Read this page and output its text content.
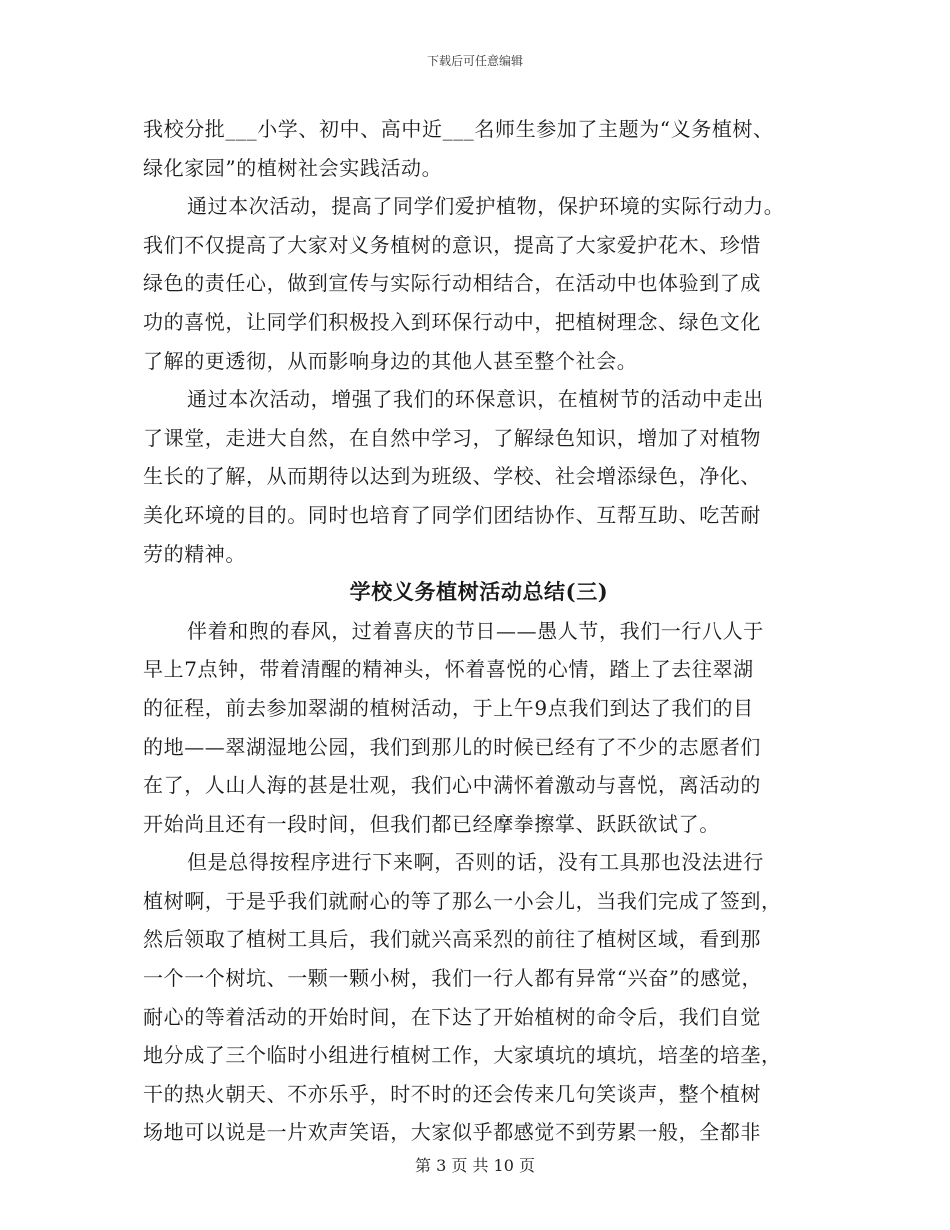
下载后可任意编辑
我校分批___小学、初中、高中近___名师生参加了主题为“义务植树、
绿化家园”的植树社会实践活动。
通过本次活动，提高了同学们爱护植物，保护环境的实际行动力。
我们不仅提高了大家对义务植树的意识，提高了大家爱护花木、珍惜
绿色的责任心，做到宣传与实际行动相结合，在活动中也体验到了成
功的喜悦，让同学们积极投入到环保行动中，把植树理念、绿色文化
了解的更透彻，从而影响身边的其他人甚至整个社会。
通过本次活动，增强了我们的环保意识，在植树节的活动中走出
了课堂，走进大自然，在自然中学习，了解绿色知识，增加了对植物
生长的了解，从而期待以达到为班级、学校、社会增添绿色，净化、
美化环境的目的。同时也培育了同学们团结协作、互帮互助、吃苦耐
劳的精神。
学校义务植树活动总结(三)
伴着和煦的春风，过着喜庆的节日——愚人节，我们一行八人于
早上7点钟，带着清醒的精神头，怀着喜悦的心情，踏上了去往翠湖
的征程，前去参加翠湖的植树活动，于上午9点我们到达了我们的目
的地——翠湖湿地公园，我们到那儿的时候已经有了不少的志愿者们
在了，人山人海的甚是壮观，我们心中满怀着激动与喜悦，离活动的
开始尚且还有一段时间，但我们都已经摩拳擦掌、跃跃欲试了。
但是总得按程序进行下来啊，否则的话，没有工具那也没法进行
植树啊，于是乎我们就耐心的等了那么一小会儿，当我们完成了签到，
然后领取了植树工具后，我们就兴高采烈的前往了植树区域，看到那
一个一个树坑、一颗一颗小树，我们一行人都有异常“兴奋”的感觉，
耐心的等着活动的开始时间，在下达了开始植树的命令后，我们自觉
地分成了三个临时小组进行植树工作，大家填坑的填坑，培垄的培垄，
干的热火朝天、不亦乐乎，时不时的还会传来几句笑谈声，整个植树
场地可以说是一片欢声笑语，大家似乎都感觉不到劳累一般，全都非
第 3 页 共 10 页
